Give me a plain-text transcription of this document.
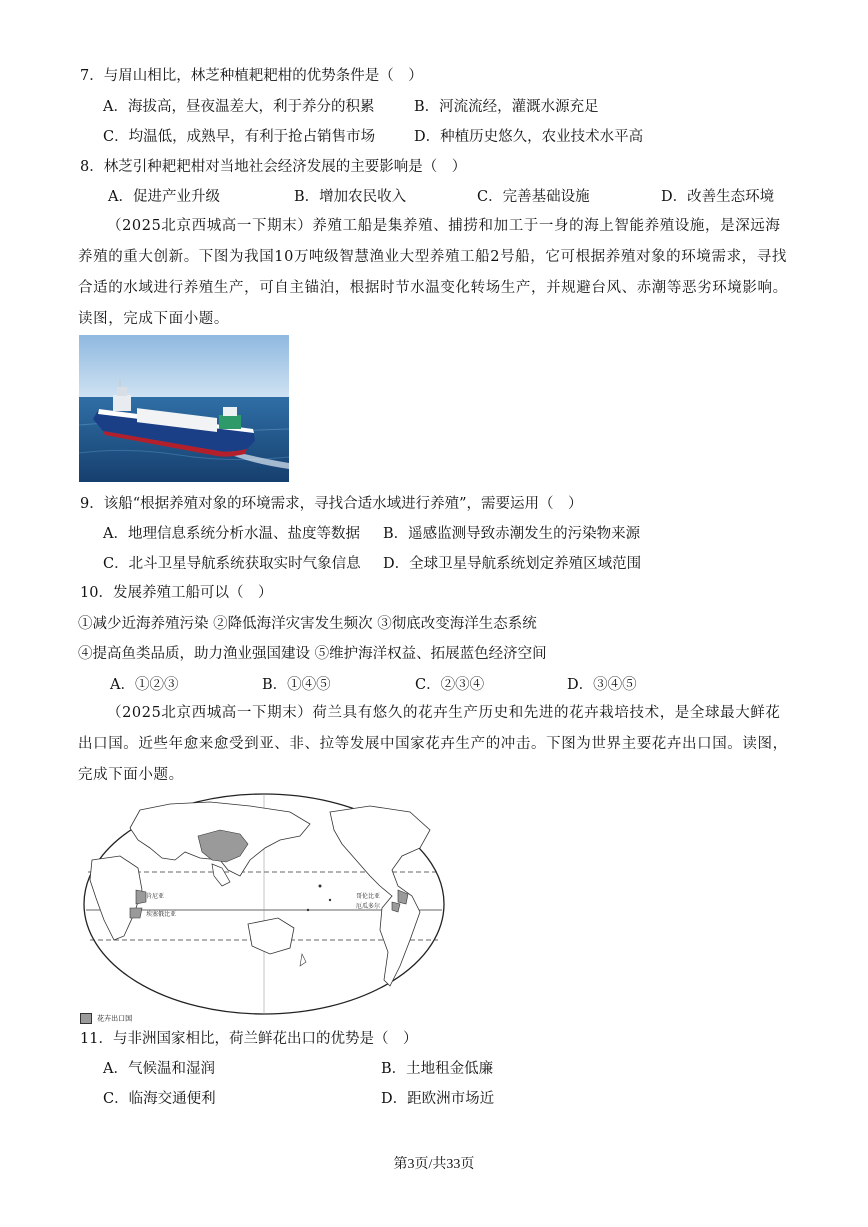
7．与眉山相比，林芝种植耙耙柑的优势条件是（　）
A．海拔高，昼夜温差大，利于养分的积累	B．河流流经，灌溉水源充足
C．均温低，成熟早，有利于抢占销售市场	D．种植历史悠久，农业技术水平高
8．林芝引种耙耙柑对当地社会经济发展的主要影响是（　）
A．促进产业升级	B．增加农民收入	C．完善基础设施	D．改善生态环境
（2025北京西城高一下期末）养殖工船是集养殖、捕捞和加工于一身的海上智能养殖设施，是深远海养殖的重大创新。下图为我国10万吨级智慧渔业大型养殖工船2号船，它可根据养殖对象的环境需求，寻找合适的水域进行养殖生产，可自主锚泊，根据时节水温变化转场生产，并规避台风、赤潮等恶劣环境影响。读图，完成下面小题。
9．该船“根据养殖对象的环境需求，寻找合适水域进行养殖”，需要运用（　）
A．地理信息系统分析水温、盐度等数据 B．遥感监测导致赤潮发生的污染物来源
C．北斗卫星导航系统获取实时气象信息 D．全球卫星导航系统划定养殖区域范围
10．发展养殖工船可以（　）
①减少近海养殖污染 ②降低海洋灾害发生频次 ③彻底改变海洋生态系统
④提高鱼类品质，助力渔业强国建设 ⑤维护海洋权益、拓展蓝色经济空间
A．①②③	B．①④⑤	C．②③④	D．③④⑤
（2025北京西城高一下期末）荷兰具有悠久的花卉生产历史和先进的花卉栽培技术，是全球最大鲜花出口国。近些年愈来愈受到亚、非、拉等发展中国家花卉生产的冲击。下图为世界主要花卉出口国。读图，完成下面小题。
肯尼亚
埃塞俄比亚
哥伦比亚
厄瓜多尔
花卉出口国
11．与非洲国家相比，荷兰鲜花出口的优势是（　）
A．气候温和湿润	B．土地租金低廉
C．临海交通便利	D．距欧洲市场近
第3页/共33页
